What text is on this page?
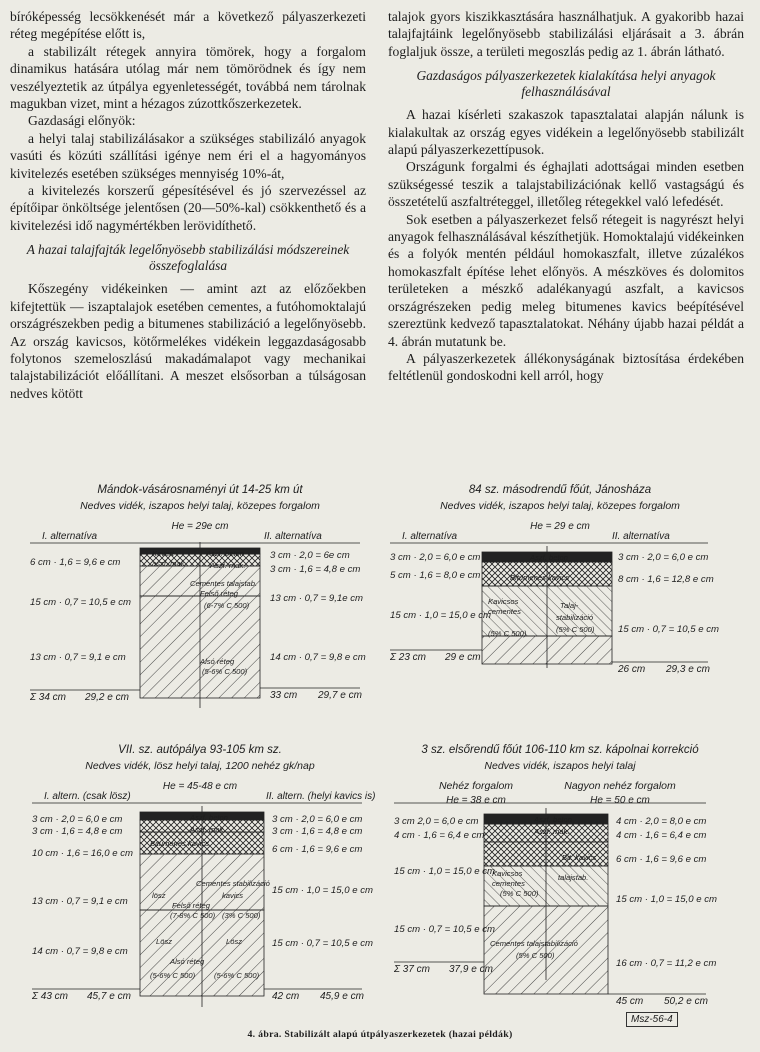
bíróképesség lecsökkenését már a következő pályaszerkezeti réteg megépítése előtt is,

a stabilizált rétegek annyira tömörek, hogy a forgalom dinamikus hatására utólag már nem tömörödnek és így nem veszélyeztetik az útpálya egyenletességét, továbbá nem tárolnak magukban vizet, mint a hézagos zúzottkőszerkezetek.

Gazdasági előnyök:

a helyi talaj stabilizálásakor a szükséges stabilizáló anyagok vasúti és közúti szállítási igénye nem éri el a hagyományos kivitelezés esetében szükséges mennyiség 10%-át,

a kivitelezés korszerű gépesítésével és jó szervezéssel az építőipar önköltsége jelentősen (20—50%-kal) csökkenthető és a kivitelezési idő nagymértékben lerövidíthető.

A hazai talajfajták legelőnyösebb stabilizálási módszereinek összefoglalása

Kőszegény vidékeinken — amint azt az előzőekben kifejtettük — iszaptalajok esetében cementes, a futóhomoktalajú országrészekben pedig a bitumenes stabilizáció a legelőnyösebb. Az ország kavicsos, kötőrmelékes vidékein leggazdaságosabb folytonos szemeloszlású makadámalapot vagy mechanikai talajstabilizációt előállítani. A meszet elsősorban a túlságosan nedves kötött

talajok gyors kiszikkasztására használhatjuk. A gyakoribb hazai talajfajtáink legelőnyösebb stabilizálási eljárásait a 3. ábrán foglaljuk össze, a területi megoszlás pedig az 1. ábrán látható.

Gazdaságos pályaszerkezetek kialakítása helyi anyagok felhasználásával

A hazai kísérleti szakaszok tapasztalatai alapján nálunk is kialakultak az ország egyes vidékein a legelőnyösebb stabilizált alapú pályaszerkezettípusok.

Országunk forgalmi és éghajlati adottságai minden esetben szükségessé teszik a talajstabilizációnak kellő vastagságú és összetételű aszfaltréteggel, illetőleg rétegekkel való lefedését.

Sok esetben a pályaszerkezet felső rétegeit is nagyrészt helyi anyagok felhasználásával készíthetjük. Homoktalajú vidékeinken és a folyók mentén például homokaszfalt, illetve zúzalékos homokaszfalt építése lehet előnyös. A mészköves és dolomitos területeken a mészkő adalékanyagú aszfalt, a kavicsos országrészeken pedig meleg bitumenes kavics beépítésével szereztünk kedvező tapasztalatokat. Néhány újabb hazai példát a 4. ábrán mutatunk be.

A pályaszerkezetek állékonyságának biztosítása érdekében feltétlenül gondoskodni kell arról, hogy

Mándok-vásárosnaményi út 14-25 km út
Nedves vidék, iszapos helyi talaj, közepes forgalom
He = 29e cm
I. alternatíva	II. alternatíva
6 cm · 1,6 = 9,6 e cm
15 cm · 0,7 = 10,5 e cm
13 cm · 0,7 = 9,1 e cm
3 cm · 2,0 = 6e cm
3 cm · 1,6 = 4,8 e cm
13 cm · 0,7 = 9,1e cm
14 cm · 0,7 = 9,8 e cm
Σ 34 cm 29,2 e cm	33 cm 29,7 e cm
Kevert
aszf. mak
Aszf. beton
Aszf. mak.
Cementes talajstab.
Felső réteg
(6-7% C 500)
Alsó réteg
(5-6% C 500)
84 sz. másodrendű főút, Jánosháza
Nedves vidék, iszapos helyi talaj, közepes forgalom
He = 29 e cm
I. alternatíva	II. alternatíva
3 cm · 2,0 = 6,0 e cm
5 cm · 1,6 = 8,0 e cm
15 cm · 1,0 = 15,0 e cm
3 cm · 2,0 = 6,0 e cm
8 cm · 1,6 = 12,8 e cm
15 cm · 0,7 = 10,5 e cm
Σ 23 cm 29 e cm
26 cm 29,3 e cm
Aszf. beton
Bitumenes kavics
Kavicsos
cementes
(5% C 500)
Talaj-
stabilizáció
(5% C 500)
VII. sz. autópálya 93-105 km sz.
Nedves vidék, lösz helyi talaj, 1200 nehéz gk/nap
He = 45-48 e cm
I. altern. (csak lösz)	II. altern. (helyi kavics is)
3 cm · 2,0 = 6,0 e cm
3 cm · 1,6 = 4,8 e cm
10 cm · 1,6 = 16,0 e cm
13 cm · 0,7 = 9,1 e cm
14 cm · 0,7 = 9,8 e cm
3 cm · 2,0 = 6,0 e cm
3 cm · 1,6 = 4,8 e cm
6 cm · 1,6 = 9,6 e cm
15 cm · 1,0 = 15,0 e cm
15 cm · 0,7 = 10,5 e cm
Σ 43 cm 45,7 e cm	42 cm 45,9 e cm
Aszf. beton
Aszf. mak.
Bitumenes kavics
Cementes stabilizáció
lösz	kavics
Felső réteg
(7-8% C 500) (3% C 500)
Lösz	Lösz
Alsó réteg
(5-6% C 500) (5-6% C 500)
3 sz. elsőrendű főút 106-110 km sz. kápolnai korrekció
Nedves vidék, iszapos helyi talaj
Nehéz forgalom	Nagyon nehéz forgalom
He = 38 e cm	He = 50 e cm
3 cm 2,0 = 6,0 e cm
4 cm · 1,6 = 6,4 e cm
15 cm · 1,0 = 15,0 e cm
15 cm · 0,7 = 10,5 e cm
4 cm · 2,0 = 8,0 e cm
4 cm · 1,6 = 6,4 e cm
6 cm · 1,6 = 9,6 e cm
15 cm · 1,0 = 15,0 e cm
16 cm · 0,7 = 11,2 e cm
Σ 37 cm 37,9 e cm
45 cm 50,2 e cm
Aszf. beton
Aszf. mak.
Bit. kavics
Kavicsos
cementes
talajstab.
(5% C 500)
Cementes talajstabilizáció
(5% C 500)
4. ábra. Stabilizált alapú útpályaszerkezetek (hazai példák)
Msz-56-4
